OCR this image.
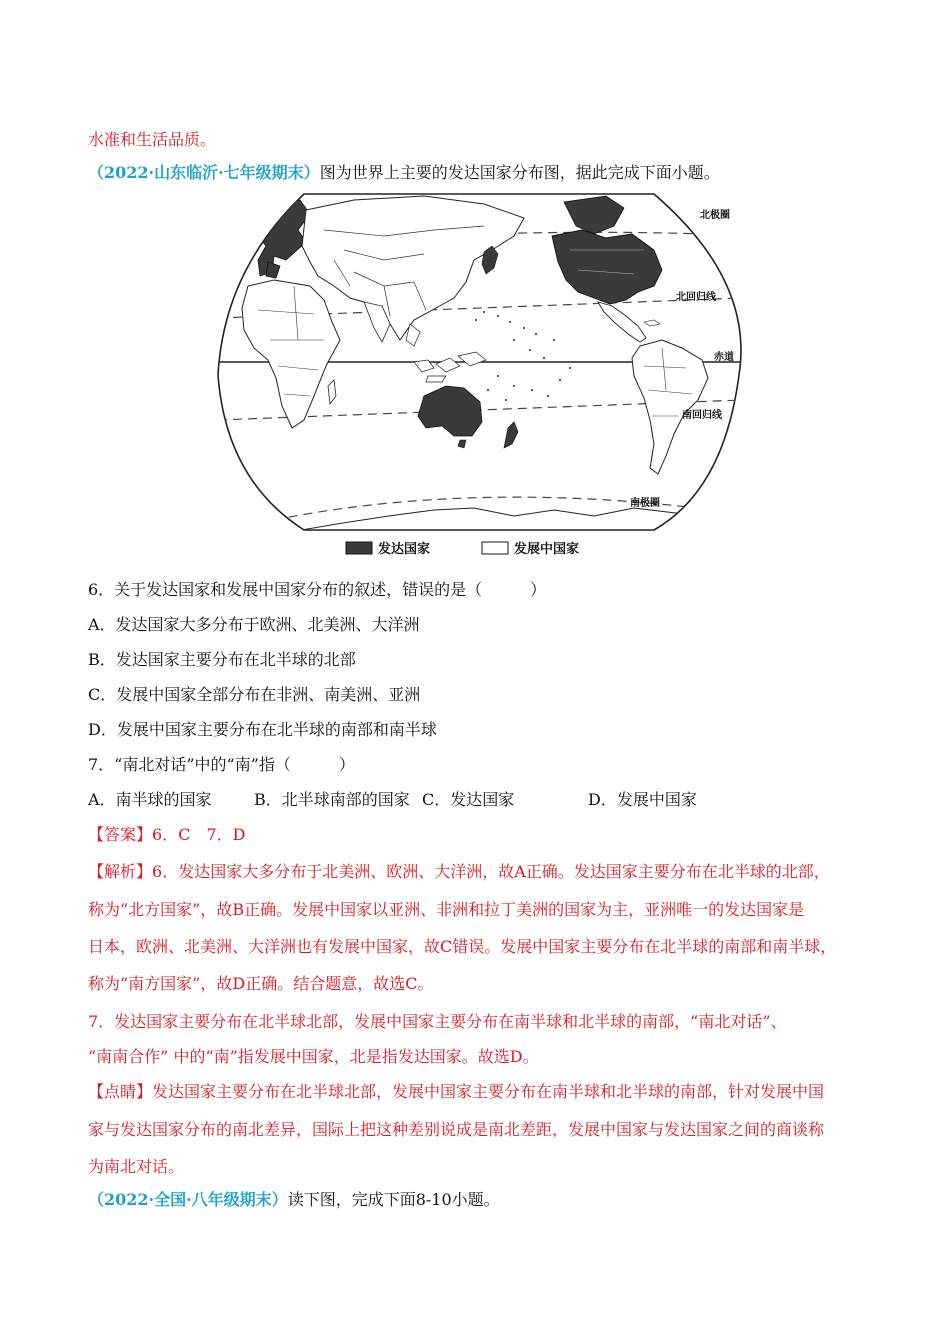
水准和生活品质。
（2022·山东临沂·七年级期末）图为世界上主要的发达国家分布图，据此完成下面小题。
北极圈
北回归线
赤道
南回归线
南极圈
发达国家	发展中国家
6．关于发达国家和发展中国家分布的叙述，错误的是（　　　）
A．发达国家大多分布于欧洲、北美洲、大洋洲
B．发达国家主要分布在北半球的北部
C．发展中国家全部分布在非洲、南美洲、亚洲
D．发展中国家主要分布在北半球的南部和南半球
7．“南北对话”中的“南”指（　　　）
A．南半球的国家	B．北半球南部的国家 C．发达国家	D．发展中国家
【答案】6．C　7．D
【解析】6．发达国家大多分布于北美洲、欧洲、大洋洲，故A正确。发达国家主要分布在北半球的北部，
称为“北方国家”，故B正确。发展中国家以亚洲、非洲和拉丁美洲的国家为主，亚洲唯一的发达国家是
日本，欧洲、北美洲、大洋洲也有发展中国家，故C错误。发展中国家主要分布在北半球的南部和南半球，
称为“南方国家”，故D正确。结合题意，故选C。
7．发达国家主要分布在北半球北部，发展中国家主要分布在南半球和北半球的南部，“南北对话”、
“南南合作” 中的“南”指发展中国家，北是指发达国家。故选D。
【点睛】发达国家主要分布在北半球北部，发展中国家主要分布在南半球和北半球的南部，针对发展中国
家与发达国家分布的南北差异，国际上把这种差别说成是南北差距，发展中国家与发达国家之间的商谈称
为南北对话。
（2022·全国·八年级期末）读下图，完成下面8-10小题。
